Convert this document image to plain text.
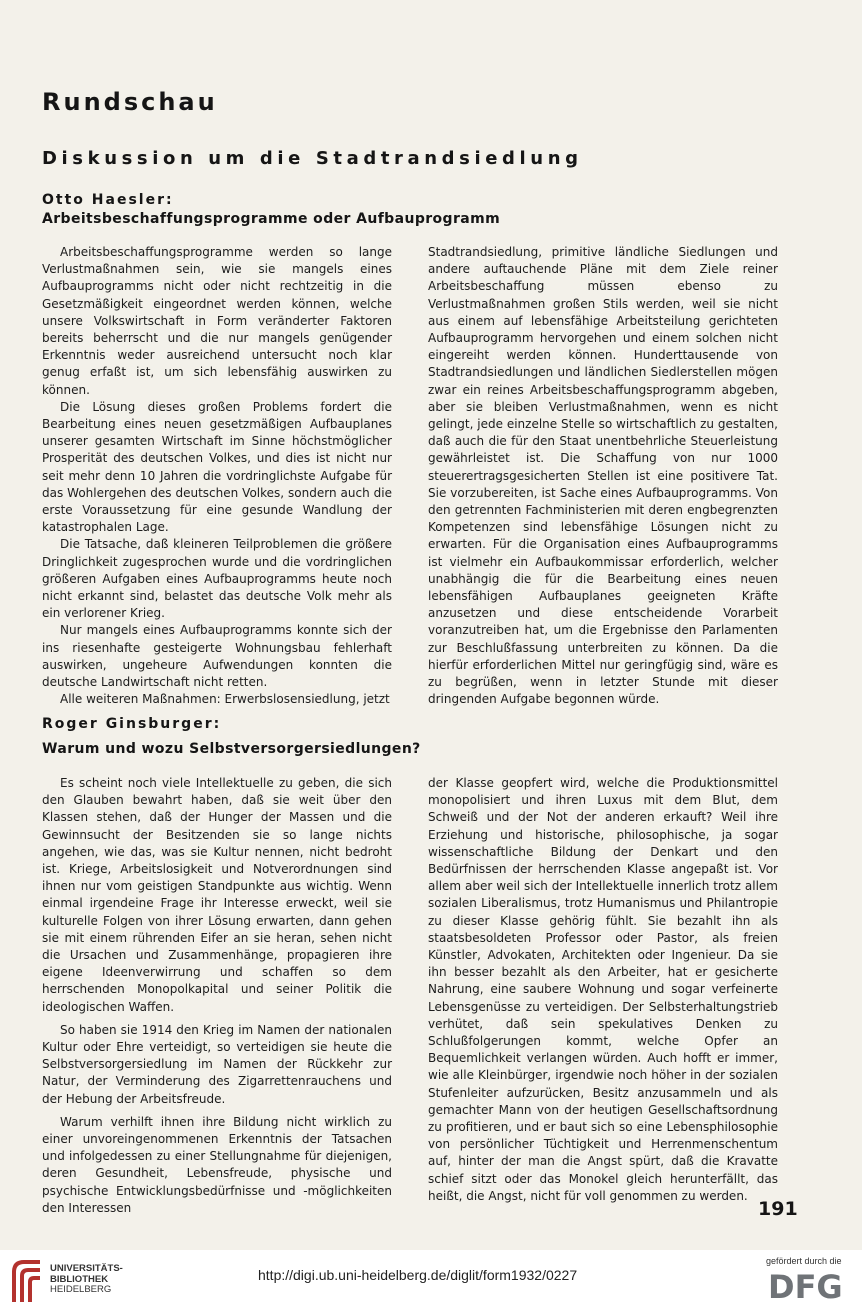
Rundschau
Diskussion um die Stadtrandsiedlung
Otto Haesler:
Arbeitsbeschaffungsprogramme oder Aufbauprogramm

Arbeitsbeschaffungsprogramme werden so lange Verlustmaßnahmen sein, wie sie mangels eines Aufbauprogramms nicht oder nicht rechtzeitig in die Gesetzmäßigkeit eingeordnet werden können, welche unsere Volkswirtschaft in Form veränderter Faktoren bereits beherrscht und die nur mangels genügender Erkenntnis weder ausreichend untersucht noch klar genug erfaßt ist, um sich lebensfähig auswirken zu können.

Die Lösung dieses großen Problems fordert die Bearbeitung eines neuen gesetzmäßigen Aufbauplanes unserer gesamten Wirtschaft im Sinne höchstmöglicher Prosperität des deutschen Volkes, und dies ist nicht nur seit mehr denn 10 Jahren die vordringlichste Aufgabe für das Wohlergehen des deutschen Volkes, sondern auch die erste Voraussetzung für eine gesunde Wandlung der katastrophalen Lage.

Die Tatsache, daß kleineren Teilproblemen die größere Dringlichkeit zugesprochen wurde und die vordringlichen größeren Aufgaben eines Aufbauprogramms heute noch nicht erkannt sind, belastet das deutsche Volk mehr als ein verlorener Krieg.

Nur mangels eines Aufbauprogramms konnte sich der ins riesenhafte gesteigerte Wohnungsbau fehlerhaft auswirken, ungeheure Aufwendungen konnten die deutsche Landwirtschaft nicht retten.

Alle weiteren Maßnahmen: Erwerbslosensiedlung, jetzt

Stadtrandsiedlung, primitive ländliche Siedlungen und andere auftauchende Pläne mit dem Ziele reiner Arbeitsbeschaffung müssen ebenso zu Verlustmaßnahmen großen Stils werden, weil sie nicht aus einem auf lebensfähige Arbeitsteilung gerichteten Aufbauprogramm hervorgehen und einem solchen nicht eingereiht werden können. Hunderttausende von Stadtrandsiedlungen und ländlichen Siedlerstellen mögen zwar ein reines Arbeitsbeschaffungsprogramm abgeben, aber sie bleiben Verlustmaßnahmen, wenn es nicht gelingt, jede einzelne Stelle so wirtschaftlich zu gestalten, daß auch die für den Staat unentbehrliche Steuerleistung gewährleistet ist. Die Schaffung von nur 1000 steuerertragsgesicherten Stellen ist eine positivere Tat. Sie vorzubereiten, ist Sache eines Aufbauprogramms. Von den getrennten Fachministerien mit deren engbegrenzten Kompetenzen sind lebensfähige Lösungen nicht zu erwarten. Für die Organisation eines Aufbauprogramms ist vielmehr ein Aufbaukommissar erforderlich, welcher unabhängig die für die Bearbeitung eines neuen lebensfähigen Aufbauplanes geeigneten Kräfte anzusetzen und diese entscheidende Vorarbeit voranzutreiben hat, um die Ergebnisse den Parlamenten zur Beschlußfassung unterbreiten zu können. Da die hierfür erforderlichen Mittel nur geringfügig sind, wäre es zu begrüßen, wenn in letzter Stunde mit dieser dringenden Aufgabe begonnen würde.

Roger Ginsburger:
Warum und wozu Selbstversorgersiedlungen?

Es scheint noch viele Intellektuelle zu geben, die sich den Glauben bewahrt haben, daß sie weit über den Klassen stehen, daß der Hunger der Massen und die Gewinnsucht der Besitzenden sie so lange nichts angehen, wie das, was sie Kultur nennen, nicht bedroht ist. Kriege, Arbeitslosigkeit und Notverordnungen sind ihnen nur vom geistigen Standpunkte aus wichtig. Wenn einmal irgendeine Frage ihr Interesse erweckt, weil sie kulturelle Folgen von ihrer Lösung erwarten, dann gehen sie mit einem rührenden Eifer an sie heran, sehen nicht die Ursachen und Zusammenhänge, propagieren ihre eigene Ideenverwirrung und schaffen so dem herrschenden Monopolkapital und seiner Politik die ideologischen Waffen.

So haben sie 1914 den Krieg im Namen der nationalen Kultur oder Ehre verteidigt, so verteidigen sie heute die Selbstversorgersiedlung im Namen der Rückkehr zur Natur, der Verminderung des Zigarrettenrauchens und der Hebung der Arbeitsfreude.

Warum verhilft ihnen ihre Bildung nicht wirklich zu einer unvoreingenommenen Erkenntnis der Tatsachen und infolgedessen zu einer Stellungnahme für diejenigen, deren Gesundheit, Lebensfreude, physische und psychische Entwicklungsbedürfnisse und -möglichkeiten den Interessen

der Klasse geopfert wird, welche die Produktionsmittel monopolisiert und ihren Luxus mit dem Blut, dem Schweiß und der Not der anderen erkauft? Weil ihre Erziehung und historische, philosophische, ja sogar wissenschaftliche Bildung der Denkart und den Bedürfnissen der herrschenden Klasse angepaßt ist. Vor allem aber weil sich der Intellektuelle innerlich trotz allem sozialen Liberalismus, trotz Humanismus und Philantropie zu dieser Klasse gehörig fühlt. Sie bezahlt ihn als staatsbesoldeten Professor oder Pastor, als freien Künstler, Advokaten, Architekten oder Ingenieur. Da sie ihn besser bezahlt als den Arbeiter, hat er gesicherte Nahrung, eine saubere Wohnung und sogar verfeinerte Lebensgenüsse zu verteidigen. Der Selbsterhaltungstrieb verhütet, daß sein spekulatives Denken zu Schlußfolgerungen kommt, welche Opfer an Bequemlichkeit verlangen würden. Auch hofft er immer, wie alle Kleinbürger, irgendwie noch höher in der sozialen Stufenleiter aufzurücken, Besitz anzusammeln und als gemachter Mann von der heutigen Gesellschaftsordnung zu profitieren, und er baut sich so eine Lebensphilosophie von persönlicher Tüchtigkeit und Herrenmenschentum auf, hinter der man die Angst spürt, daß die Kravatte schief sitzt oder das Monokel gleich herunterfällt, das heißt, die Angst, nicht für voll genommen zu werden.

191
UNIVERSITÄTS-
BIBLIOTHEK
HEIDELBERG
http://digi.ub.uni-heidelberg.de/diglit/form1932/0227
gefördert durch die
DFG
